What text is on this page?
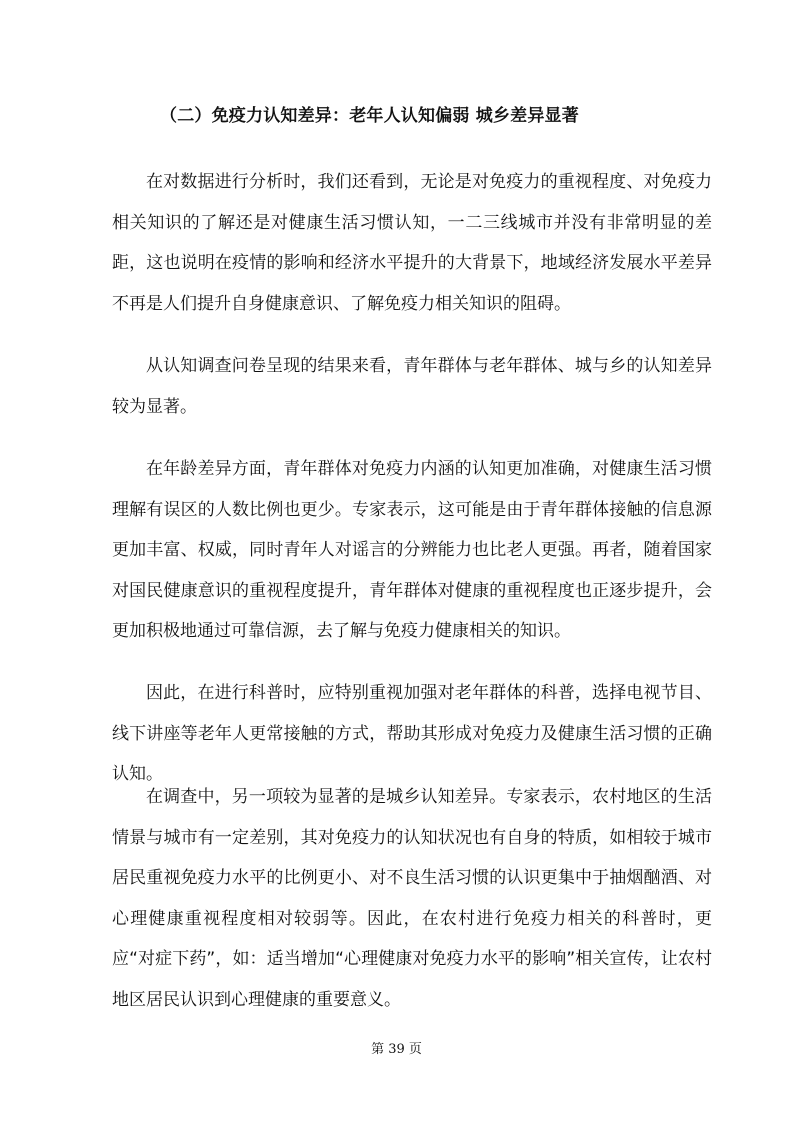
（二）免疫力认知差异：老年人认知偏弱 城乡差异显著

在对数据进行分析时，我们还看到，无论是对免疫力的重视程度、对免疫力相关知识的了解还是对健康生活习惯认知，一二三线城市并没有非常明显的差距，这也说明在疫情的影响和经济水平提升的大背景下，地域经济发展水平差异不再是人们提升自身健康意识、了解免疫力相关知识的阻碍。

从认知调查问卷呈现的结果来看，青年群体与老年群体、城与乡的认知差异较为显著。

在年龄差异方面，青年群体对免疫力内涵的认知更加准确，对健康生活习惯理解有误区的人数比例也更少。专家表示，这可能是由于青年群体接触的信息源更加丰富、权威，同时青年人对谣言的分辨能力也比老人更强。再者，随着国家对国民健康意识的重视程度提升，青年群体对健康的重视程度也正逐步提升，会更加积极地通过可靠信源，去了解与免疫力健康相关的知识。

因此，在进行科普时，应特别重视加强对老年群体的科普，选择电视节目、线下讲座等老年人更常接触的方式，帮助其形成对免疫力及健康生活习惯的正确认知。

在调查中，另一项较为显著的是城乡认知差异。专家表示，农村地区的生活情景与城市有一定差别，其对免疫力的认知状况也有自身的特质，如相较于城市居民重视免疫力水平的比例更小、对不良生活习惯的认识更集中于抽烟酗酒、对心理健康重视程度相对较弱等。因此，在农村进行免疫力相关的科普时，更应“对症下药”，如：适当增加“心理健康对免疫力水平的影响”相关宣传，让农村地区居民认识到心理健康的重要意义。

第 39 页
